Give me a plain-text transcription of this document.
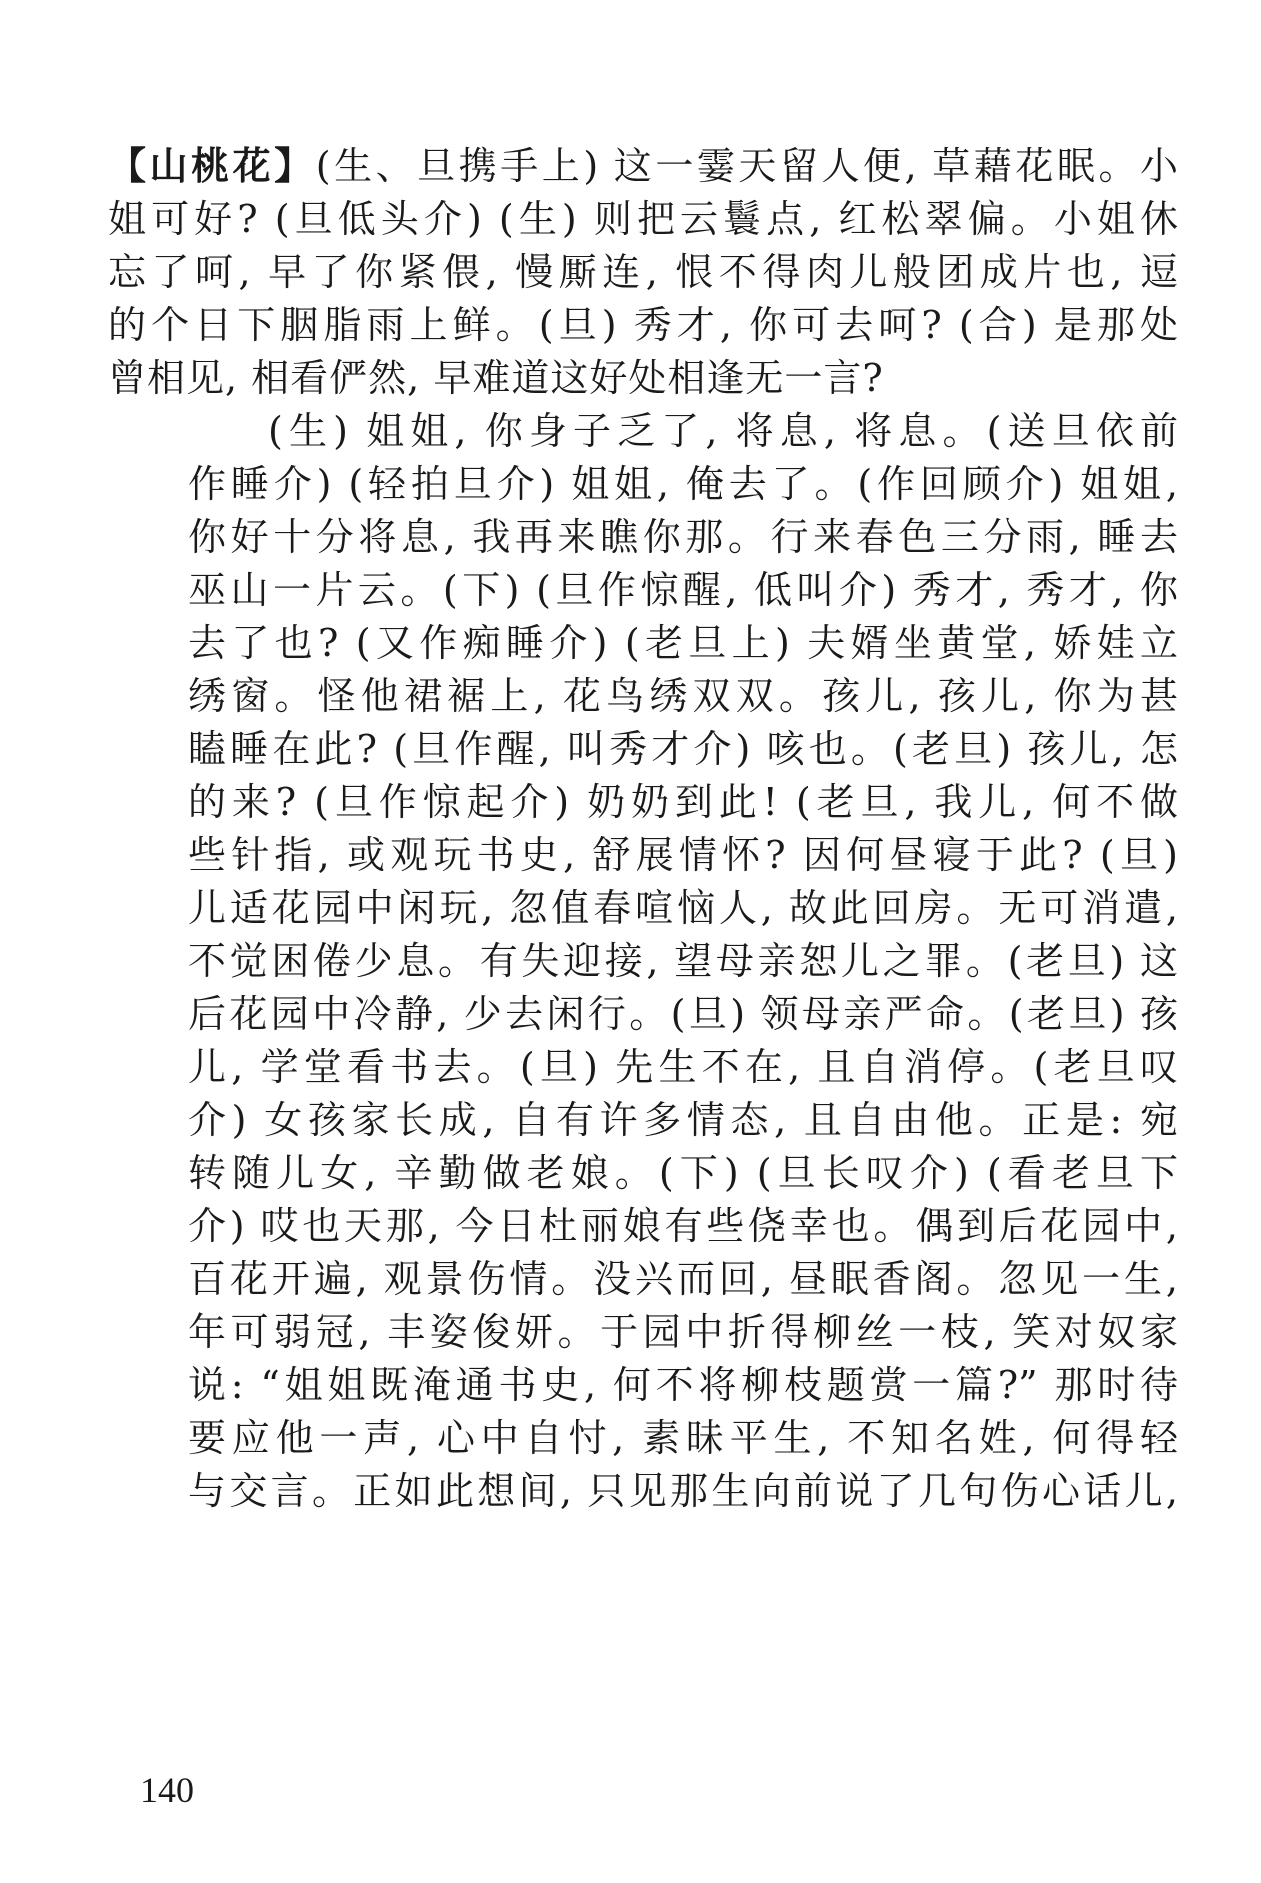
【山桃花】(生、旦携手上) 这一霎天留人便, 草藉花眠。小
姐可好? (旦低头介) (生) 则把云鬟点, 红松翠偏。小姐休
忘了呵, 早了你紧偎, 慢厮连, 恨不得肉儿般团成片也, 逗
的个日下胭脂雨上鲜。(旦) 秀才, 你可去呵? (合) 是那处
曾相见, 相看俨然, 早难道这好处相逢无一言?
(生) 姐姐, 你身子乏了, 将息, 将息。(送旦依前
作睡介) (轻拍旦介) 姐姐, 俺去了。(作回顾介) 姐姐,
你好十分将息, 我再来瞧你那。行来春色三分雨, 睡去
巫山一片云。(下) (旦作惊醒, 低叫介) 秀才, 秀才, 你
去了也? (又作痴睡介) (老旦上) 夫婿坐黄堂, 娇娃立
绣窗。怪他裙裾上, 花鸟绣双双。孩儿, 孩儿, 你为甚
瞌睡在此? (旦作醒, 叫秀才介) 咳也。(老旦) 孩儿, 怎
的来? (旦作惊起介) 奶奶到此! (老旦, 我儿, 何不做
些针指, 或观玩书史, 舒展情怀? 因何昼寝于此? (旦)
儿适花园中闲玩, 忽值春喧恼人, 故此回房。无可消遣,
不觉困倦少息。有失迎接, 望母亲恕儿之罪。(老旦) 这
后花园中冷静, 少去闲行。(旦) 领母亲严命。(老旦) 孩
儿, 学堂看书去。(旦) 先生不在, 且自消停。(老旦叹
介) 女孩家长成, 自有许多情态, 且自由他。正是: 宛
转随儿女, 辛勤做老娘。(下) (旦长叹介) (看老旦下
介) 哎也天那, 今日杜丽娘有些侥幸也。偶到后花园中,
百花开遍, 观景伤情。没兴而回, 昼眠香阁。忽见一生,
年可弱冠, 丰姿俊妍。于园中折得柳丝一枝, 笑对奴家
说: “姐姐既淹通书史, 何不将柳枝题赏一篇?” 那时待
要应他一声, 心中自忖, 素昧平生, 不知名姓, 何得轻
与交言。正如此想间, 只见那生向前说了几句伤心话儿,
140
